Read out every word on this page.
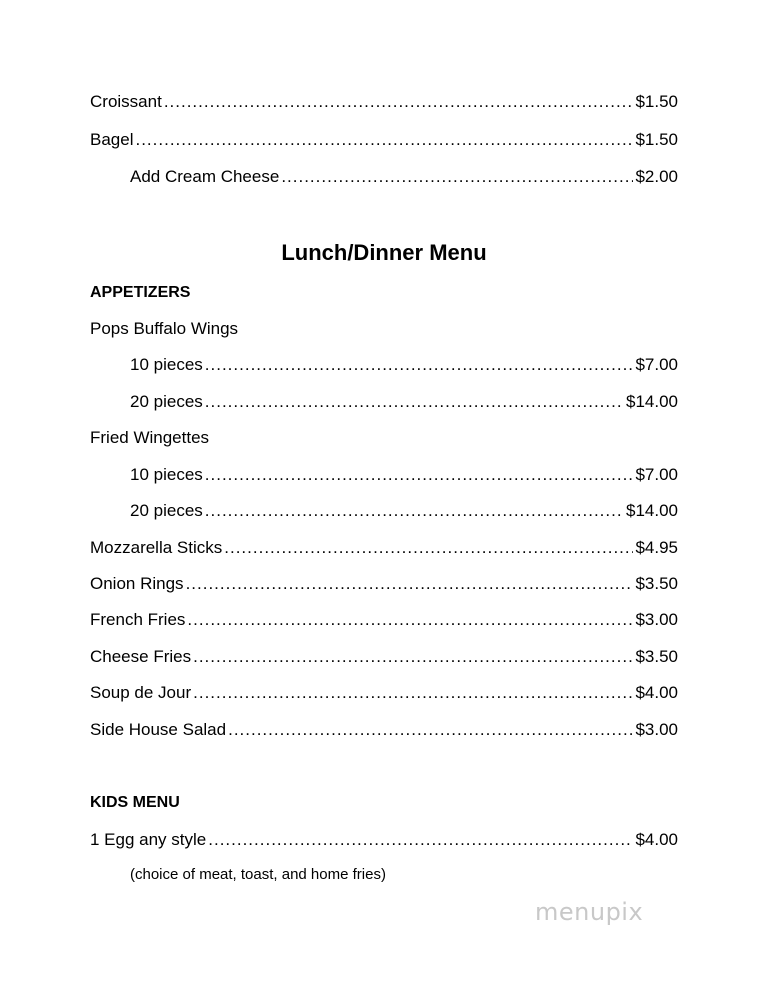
Croissant .....	$1.50
Bagel .....	$1.50
Add Cream Cheese .....	$2.00
Lunch/Dinner Menu
APPETIZERS
Pops Buffalo Wings
10 pieces .....	$7.00
20 pieces .....	$14.00
Fried Wingettes
10 pieces .....	$7.00
20 pieces .....	$14.00
Mozzarella Sticks .....	$4.95
Onion Rings .....	$3.50
French Fries .....	$3.00
Cheese Fries .....	$3.50
Soup de Jour .....	$4.00
Side House Salad .....	$3.00
KIDS MENU
1 Egg any style .....	$4.00
(choice of meat, toast, and home fries)
menupix
